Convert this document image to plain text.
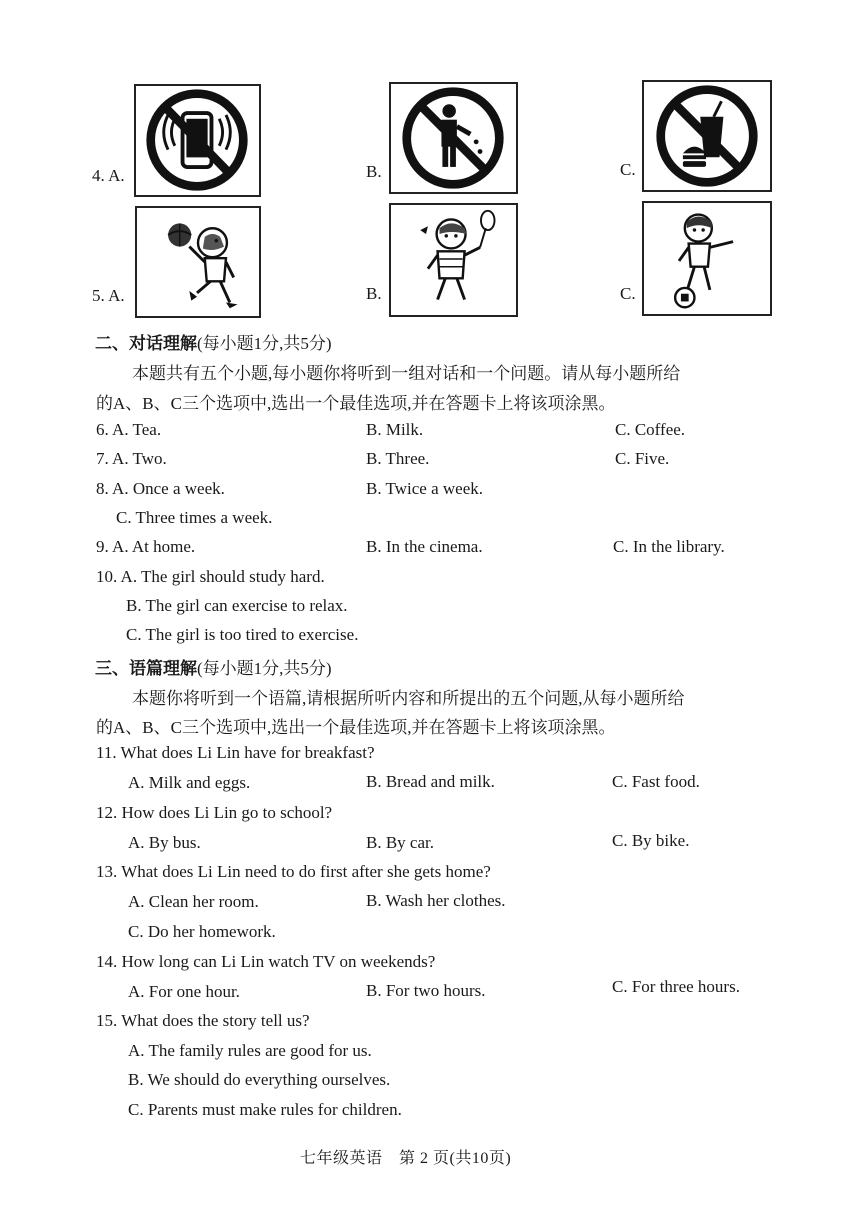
4. A.	B.	C.
5. A.	B.	C.
二、对话理解(每小题1分,共5分)
本题共有五个小题,每小题你将听到一组对话和一个问题。请从每小题所给
的A、B、C三个选项中,选出一个最佳选项,并在答题卡上将该项涂黑。
6. A. Tea.	B. Milk.	C. Coffee.
7. A. Two.	B. Three.	C. Five.
8. A. Once a week.	B. Twice a week.
C. Three times a week.
9. A. At home.	B. In the cinema.	C. In the library.
10. A. The girl should study hard.
B. The girl can exercise to relax.
C. The girl is too tired to exercise.
三、语篇理解(每小题1分,共5分)
本题你将听到一个语篇,请根据所听内容和所提出的五个问题,从每小题所给
的A、B、C三个选项中,选出一个最佳选项,并在答题卡上将该项涂黑。
11. What does Li Lin have for breakfast?
A. Milk and eggs.	B. Bread and milk.	C. Fast food.
12. How does Li Lin go to school?
A. By bus.	B. By car.	C. By bike.
13. What does Li Lin need to do first after she gets home?
A. Clean her room.	B. Wash her clothes.
C. Do her homework.
14. How long can Li Lin watch TV on weekends?
A. For one hour.	B. For two hours.	C. For three hours.
15. What does the story tell us?
A. The family rules are good for us.
B. We should do everything ourselves.
C. Parents must make rules for children.
七年级英语　第 2 页(共10页)
